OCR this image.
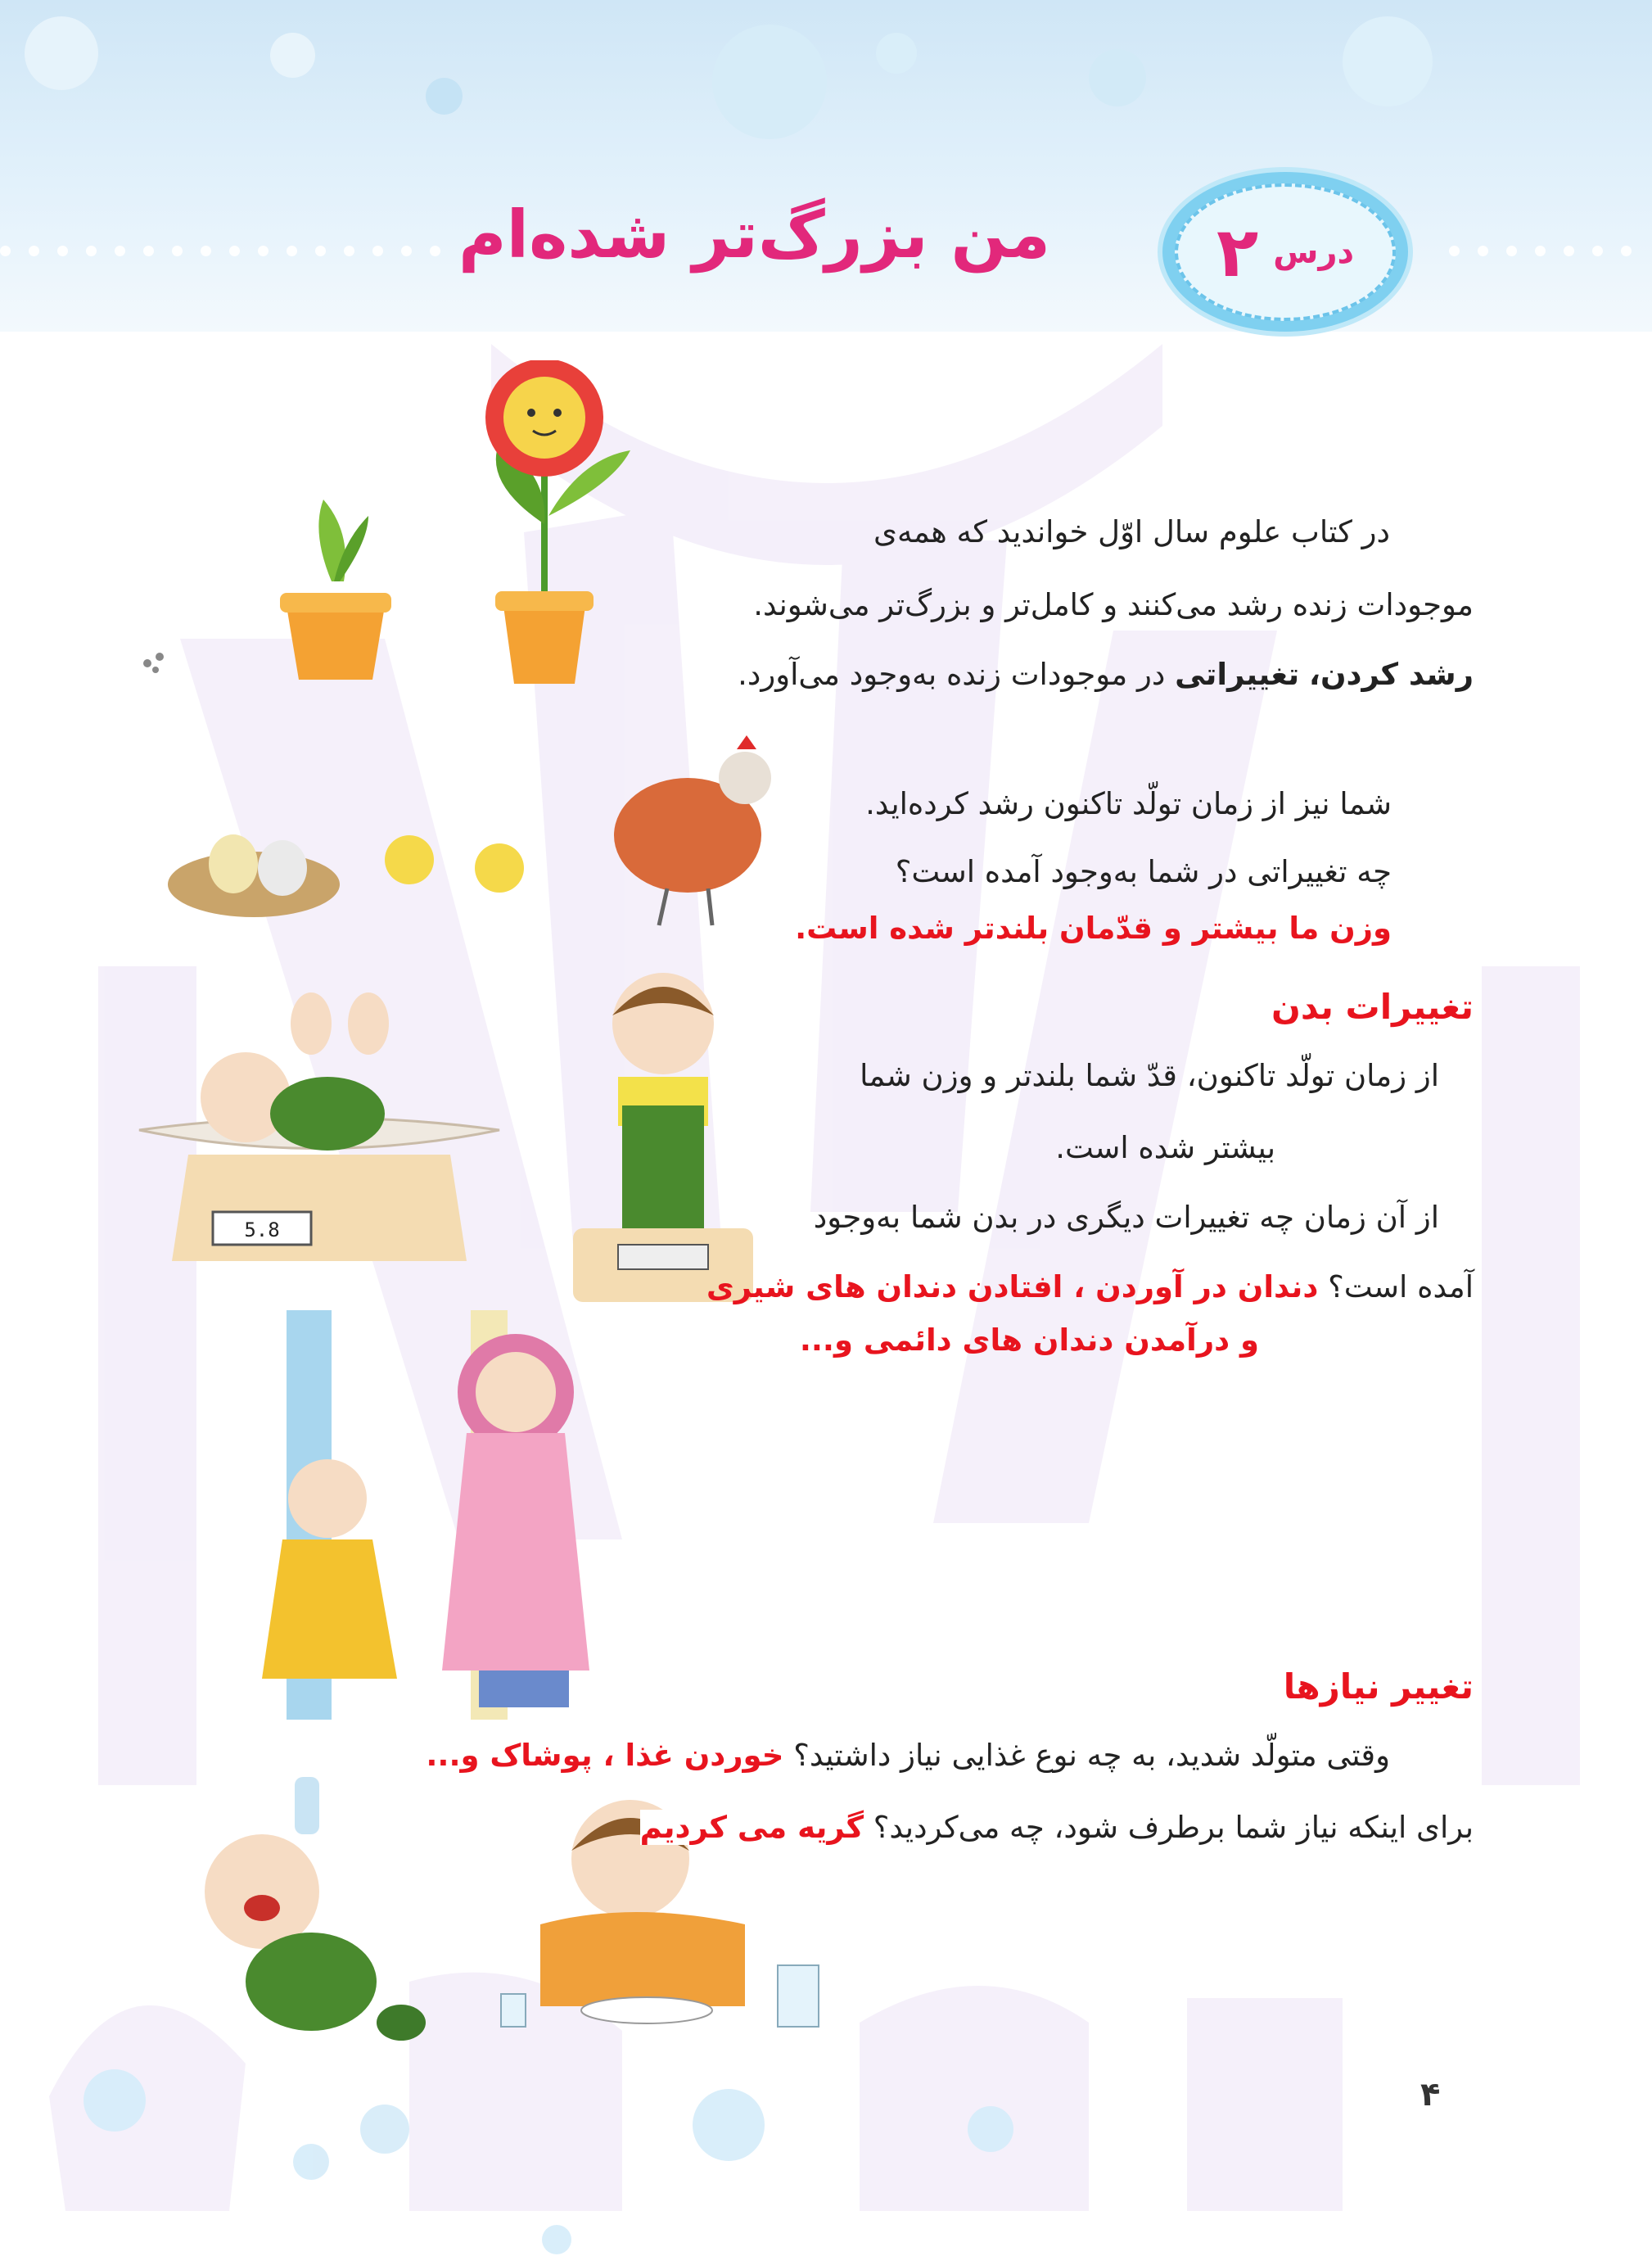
درس
۲
من بزرگ‌تر شده‌ام
5.8
در کتاب علوم سال اوّل خواندید که همه‌ی
موجودات زنده رشد می‌کنند و کامل‌تر و بزرگ‌تر می‌شوند.
رشد کردن، تغییراتی در موجودات زنده به‌وجود می‌آورد.
شما نیز از زمان تولّد تاکنون رشد کرده‌اید.
چه تغییراتی در شما به‌وجود آمده است؟
وزن ما بیشتر و قدّمان بلندتر شده است.
تغییرات بدن
از زمان تولّد تاکنون، قدّ شما بلندتر و وزن شما
بیشتر شده است.
از آن زمان چه تغییرات دیگری در بدن شما به‌وجود
آمده است؟ دندان در آوردن ، افتادن دندان های شیری
و درآمدن دندان های دائمی و...
تغییر نیازها
وقتی متولّد شدید، به چه نوع غذایی نیاز داشتید؟ خوردن غذا ، پوشاک و...
برای اینکه نیاز شما برطرف شود، چه می‌کردید؟ گریه می کردیم
۴
